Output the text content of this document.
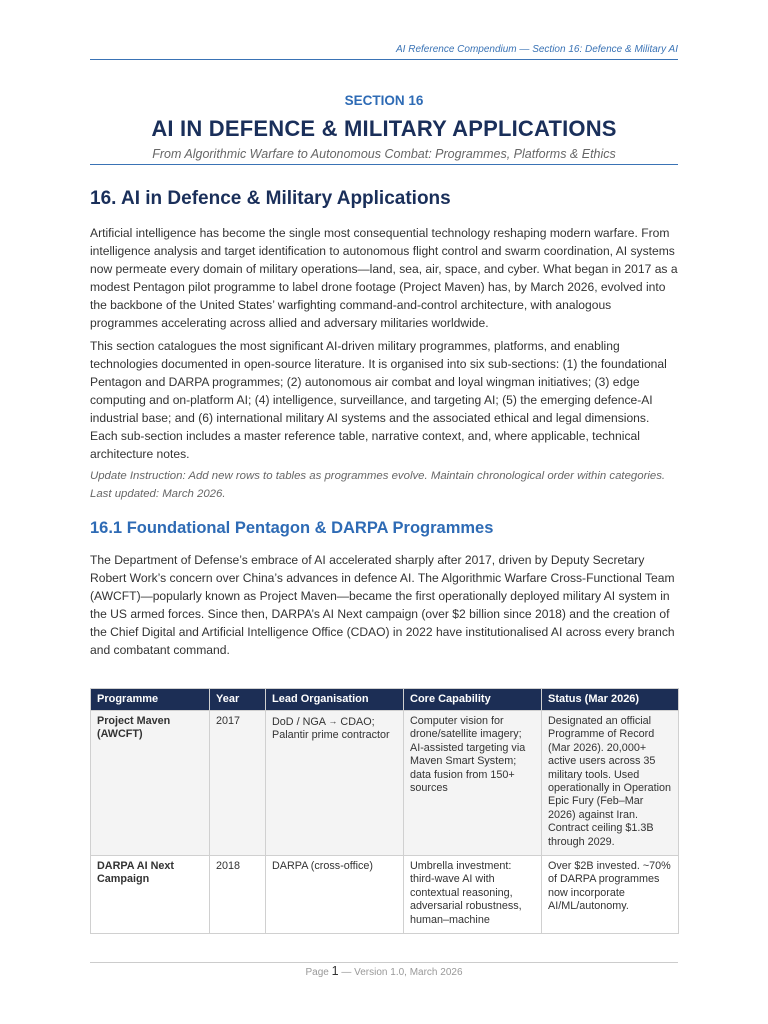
AI Reference Compendium — Section 16: Defence & Military AI
SECTION 16
AI IN DEFENCE & MILITARY APPLICATIONS
From Algorithmic Warfare to Autonomous Combat: Programmes, Platforms & Ethics
16. AI in Defence & Military Applications

Artificial intelligence has become the single most consequential technology reshaping modern warfare. From intelligence analysis and target identification to autonomous flight control and swarm coordination, AI systems now permeate every domain of military operations—land, sea, air, space, and cyber. What began in 2017 as a modest Pentagon pilot programme to label drone footage (Project Maven) has, by March 2026, evolved into the backbone of the United States’ warfighting command-and-control architecture, with analogous programmes accelerating across allied and adversary militaries worldwide.

This section catalogues the most significant AI-driven military programmes, platforms, and enabling technologies documented in open-source literature. It is organised into six sub-sections: (1) the foundational Pentagon and DARPA programmes; (2) autonomous air combat and loyal wingman initiatives; (3) edge computing and on-platform AI; (4) intelligence, surveillance, and targeting AI; (5) the emerging defence-AI industrial base; and (6) international military AI systems and the associated ethical and legal dimensions. Each sub-section includes a master reference table, narrative context, and, where applicable, technical architecture notes.

Update Instruction: Add new rows to tables as programmes evolve. Maintain chronological order within categories. Last updated: March 2026.
16.1 Foundational Pentagon & DARPA Programmes

The Department of Defense’s embrace of AI accelerated sharply after 2017, driven by Deputy Secretary Robert Work’s concern over China’s advances in defence AI. The Algorithmic Warfare Cross-Functional Team (AWCFT)—popularly known as Project Maven—became the first operationally deployed military AI system in the US armed forces. Since then, DARPA’s AI Next campaign (over $2 billion since 2018) and the creation of the Chief Digital and Artificial Intelligence Office (CDAO) in 2022 have institutionalised AI across every branch and combatant command.

Programme	Year	Lead Organisation	Core Capability	Status (Mar 2026)
Project Maven (AWCFT)	2017	DoD / NGA → CDAO; Palantir prime contractor	Computer vision for drone/satellite imagery; AI-assisted targeting via Maven Smart System; data fusion from 150+ sources	Designated an official Programme of Record (Mar 2026). 20,000+ active users across 35 military tools. Used operationally in Operation Epic Fury (Feb–Mar 2026) against Iran. Contract ceiling $1.3B through 2029.
DARPA AI Next Campaign	2018	DARPA (cross-office)	Umbrella investment: third-wave AI with contextual reasoning, adversarial robustness, human–machine	Over $2B invested. ~70% of DARPA programmes now incorporate AI/ML/autonomy.
Page 1 — Version 1.0, March 2026
